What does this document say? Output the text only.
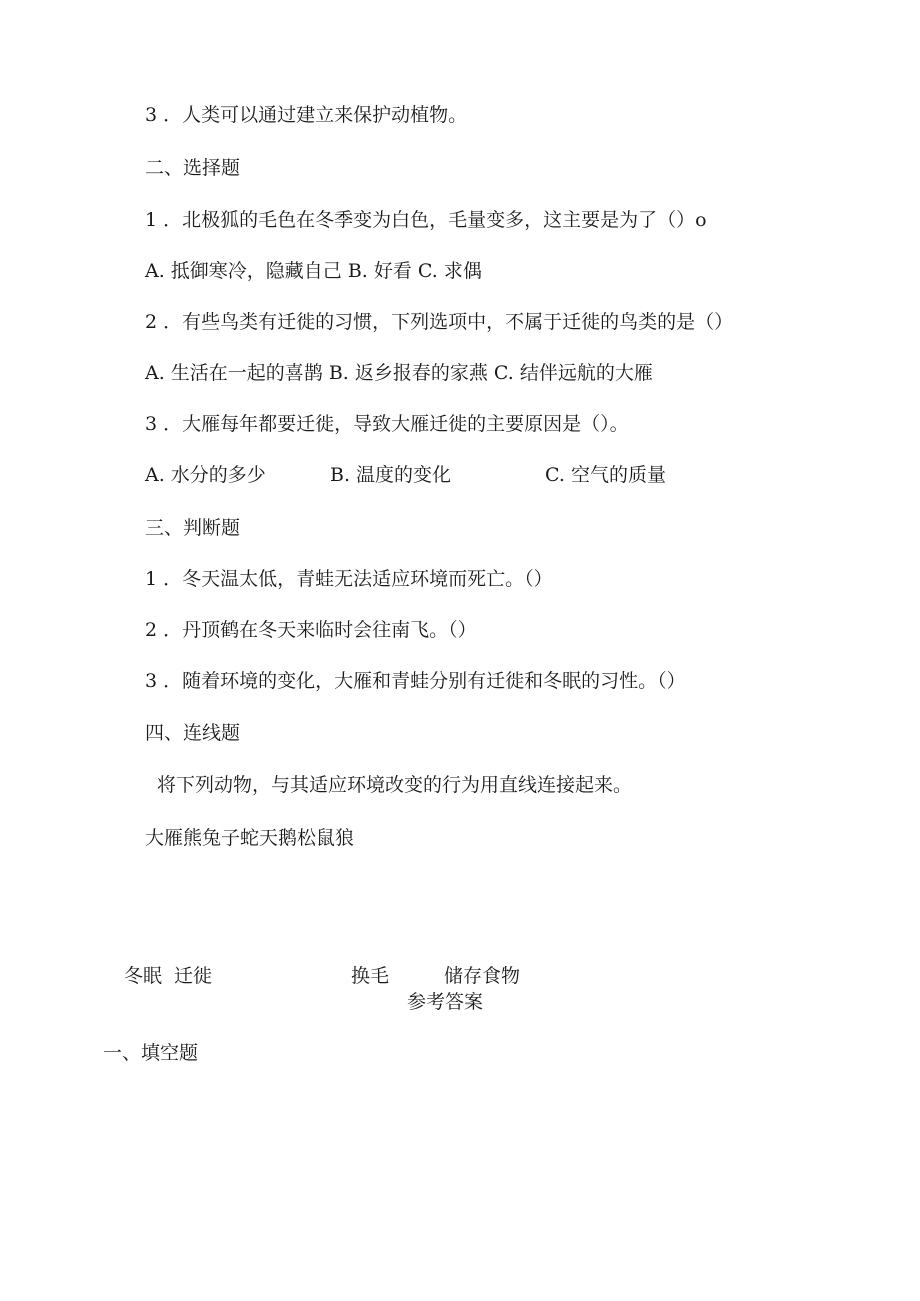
3 ．人类可以通过建立来保护动植物。
二、选择题
1 ．北极狐的毛色在冬季变为白色，毛量变多，这主要是为了（）o
A. 抵御寒冷，隐藏自己 B. 好看 C. 求偶
2 ．有些鸟类有迁徙的习惯，下列选项中，不属于迁徙的鸟类的是（）
A. 生活在一起的喜鹊 B. 返乡报春的家燕 C. 结伴远航的大雁
3 ．大雁每年都要迁徙，导致大雁迁徙的主要原因是（）。
A. 水分的多少	B. 温度的变化	C. 空气的质量
三、判断题
1 ．冬天温太低，青蛙无法适应环境而死亡。（）
2 ．丹顶鹤在冬天来临时会往南飞。（）
3 ．随着环境的变化，大雁和青蛙分别有迁徙和冬眠的习性。（）
四、连线题
将下列动物，与其适应环境改变的行为用直线连接起来。
大雁熊兔子蛇天鹅松鼠狼
冬眠 迁徙	换毛	储存食物
参考答案
一、填空题
